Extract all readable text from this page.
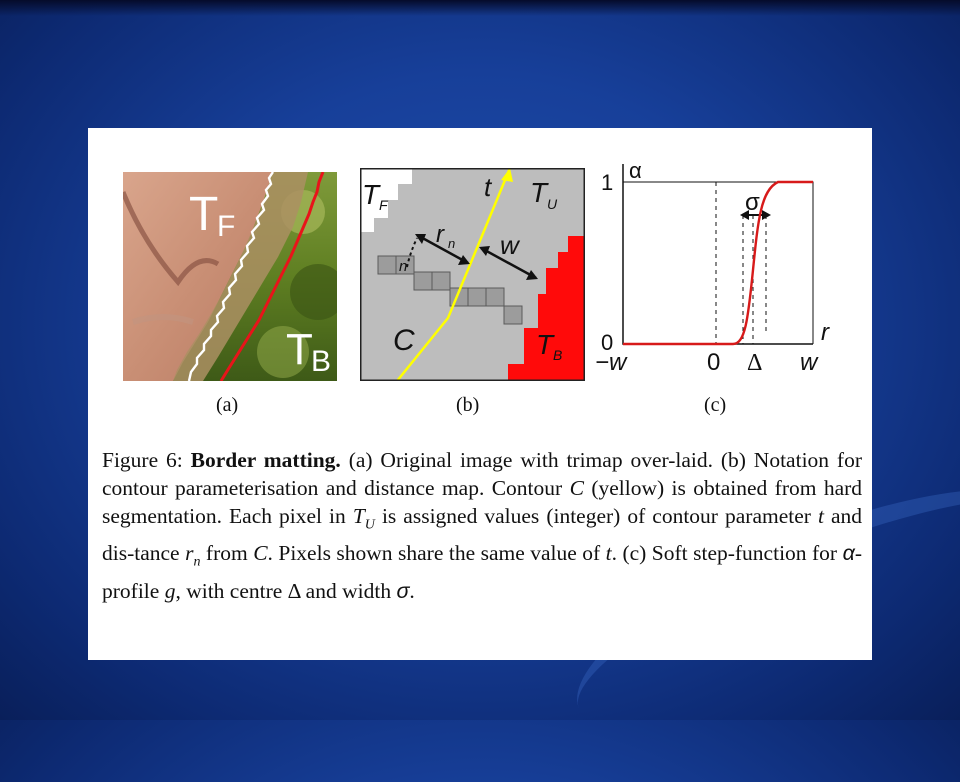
T
F
T
B
(a)
T F
t T U
r n w
n
C	T B
(b)
α
1
0
σ
r
−w	0 Δ w
(c)

Figure 6: Border matting. (a) Original image with trimap over-laid. (b) Notation for contour parameterisation and distance map. Contour C (yellow) is obtained from hard segmentation. Each pixel in $T_U$ is assigned values (integer) of contour parameter t and dis-tance $r_n$ from C. Pixels shown share the same value of t. (c) Soft step-function for α-profile g, with centre Δ and width σ.
